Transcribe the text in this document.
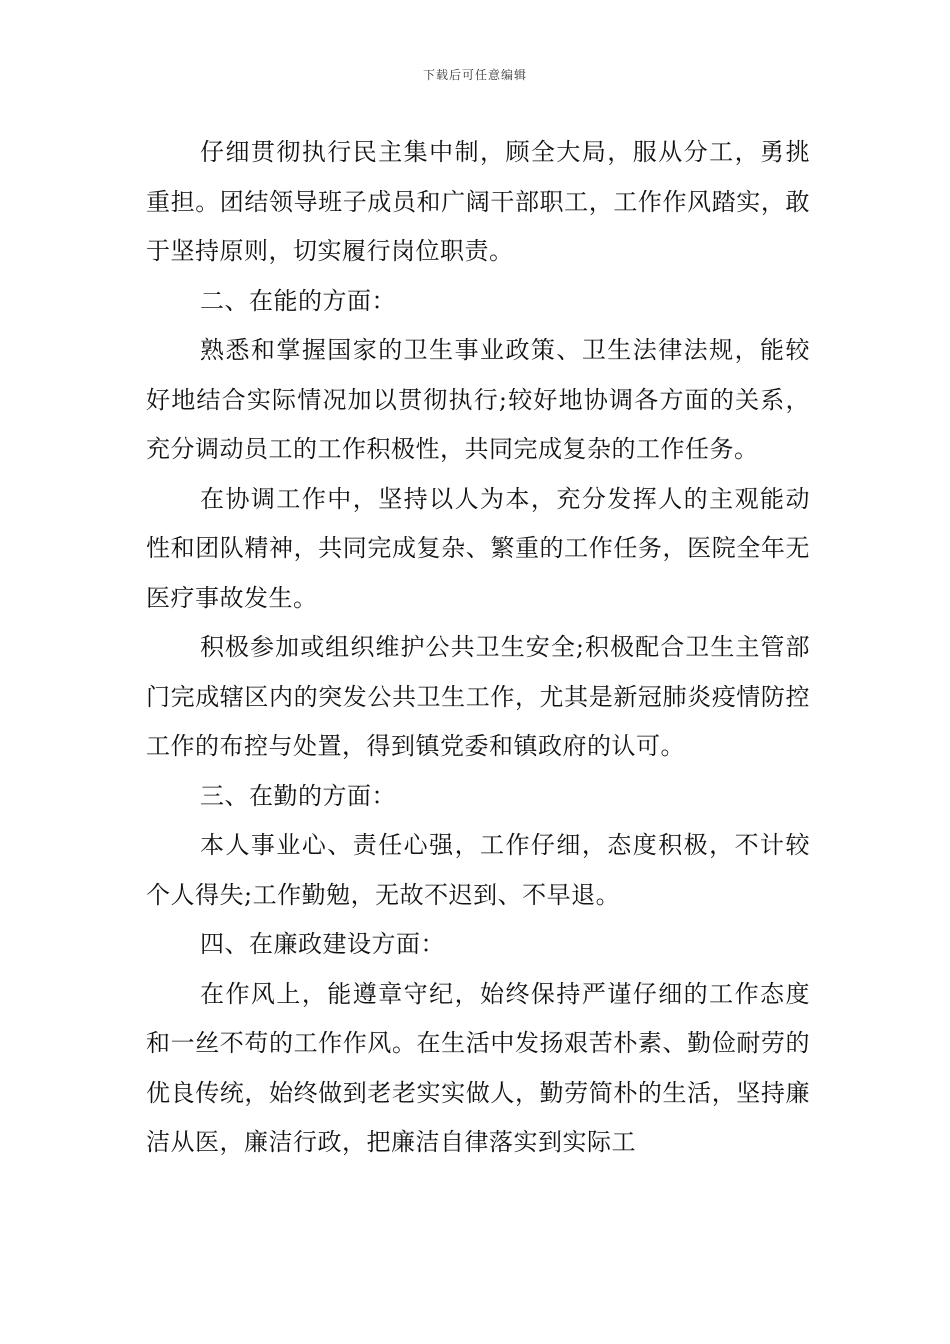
下载后可任意编辑

仔细贯彻执行民主集中制，顾全大局，服从分工，勇挑重担。团结领导班子成员和广阔干部职工，工作作风踏实，敢于坚持原则，切实履行岗位职责。

二、在能的方面：

熟悉和掌握国家的卫生事业政策、卫生法律法规，能较好地结合实际情况加以贯彻执行;较好地协调各方面的关系，充分调动员工的工作积极性，共同完成复杂的工作任务。

在协调工作中，坚持以人为本，充分发挥人的主观能动性和团队精神，共同完成复杂、繁重的工作任务，医院全年无医疗事故发生。

积极参加或组织维护公共卫生安全;积极配合卫生主管部门完成辖区内的突发公共卫生工作，尤其是新冠肺炎疫情防控工作的布控与处置，得到镇党委和镇政府的认可。

三、在勤的方面：

本人事业心、责任心强，工作仔细，态度积极，不计较个人得失;工作勤勉，无故不迟到、不早退。

四、在廉政建设方面：

在作风上，能遵章守纪，始终保持严谨仔细的工作态度和一丝不苟的工作作风。在生活中发扬艰苦朴素、勤俭耐劳的优良传统，始终做到老老实实做人，勤劳简朴的生活，坚持廉洁从医，廉洁行政，把廉洁自律落实到实际工
